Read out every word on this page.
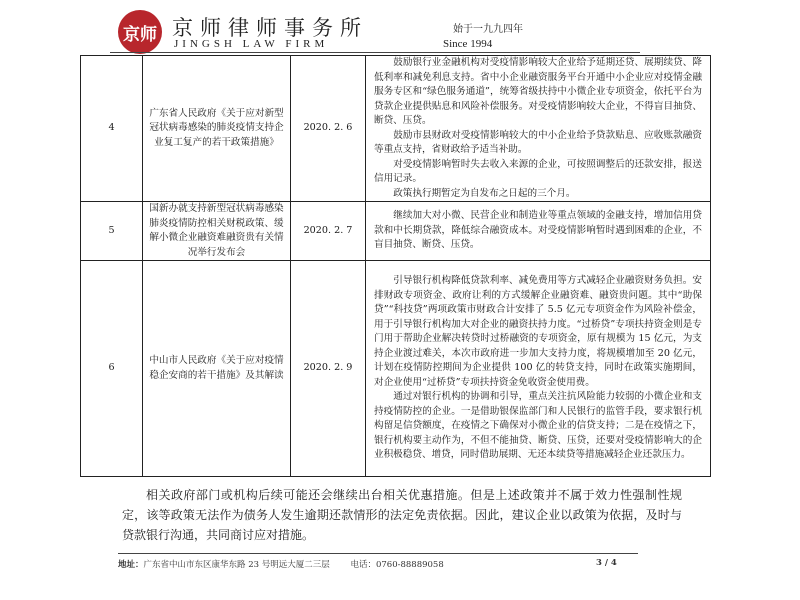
京师 京师律师事务所	始于一九九四年
JINGSH LAW FIRM	Since 1994
4	广东省人民政府《关于应对新型冠状病毒感染的肺炎疫情支持企业复工复产的若干政策措施》	2020. 2. 6	鼓励银行业金融机构对受疫情影响较大企业给予延期还贷、展期续贷、降低利率和减免利息支持。省中小企业融资服务平台开通中小企业应对疫情金融服务专区和“绿色服务通道”，统筹省级扶持中小微企业专项资金，依托平台为贷款企业提供贴息和风险补偿服务。对受疫情影响较大企业，不得盲目抽贷、断贷、压贷。

鼓励市县财政对受疫情影响较大的中小企业给予贷款贴息、应收账款融资等重点支持，省财政给予适当补助。

对受疫情影响暂时失去收入来源的企业，可按照调整后的还款安排，报送信用记录。

政策执行期暂定为自发布之日起的三个月。

5	国新办就支持新型冠状病毒感染肺炎疫情防控相关财税政策、缓解小微企业融资难融资贵有关情况举行发布会	2020. 2. 7	继续加大对小微、民营企业和制造业等重点领域的金融支持，增加信用贷款和中长期贷款，降低综合融资成本。对受疫情影响暂时遇到困难的企业，不盲目抽贷、断贷、压贷。

6	中山市人民政府《关于应对疫情稳企安商的若干措施》及其解读	2020. 2. 9	引导银行机构降低贷款利率、减免费用等方式减轻企业融资财务负担。安排财政专项资金、政府让利的方式缓解企业融资难、融资贵问题。其中“助保贷”“科技贷”两项政策市财政合计安排了 5.5 亿元专项资金作为风险补偿金，用于引导银行机构加大对企业的融资扶持力度。“过桥贷”专项扶持资金则是专门用于帮助企业解决转贷时过桥融资的专项资金，原有规模为 15 亿元，为支持企业渡过难关，本次市政府进一步加大支持力度，将规模增加至 20 亿元，计划在疫情防控期间为企业提供 100 亿的转贷支持，同时在政策实施期间，对企业使用“过桥贷”专项扶持资金免收资金使用费。

通过对银行机构的协调和引导，重点关注抗风险能力较弱的小微企业和支持疫情防控的企业。一是借助银保监部门和人民银行的监管手段，要求银行机构留足信贷额度，在疫情之下确保对小微企业的信贷支持；二是在疫情之下，银行机构要主动作为，不但不能抽贷、断贷、压贷，还要对受疫情影响大的企业积极稳贷、增贷，同时借助展期、无还本续贷等措施减轻企业还款压力。

相关政府部门或机构后续可能还会继续出台相关优惠措施。但是上述政策并不属于效力性强制性规定，该等政策无法作为债务人发生逾期还款情形的法定免责依据。因此，建议企业以政策为依据，及时与贷款银行沟通，共同商讨应对措施。

地址：广东省中山市东区康华东路 23 号明远大厦二三层 电话：0760-88889058	3 / 4
